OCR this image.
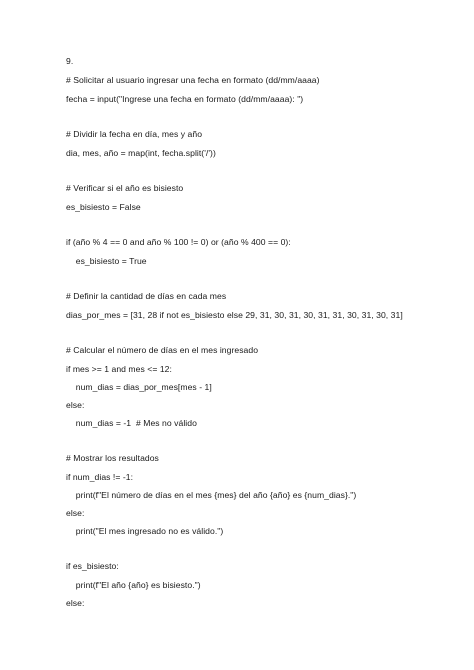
9.
# Solicitar al usuario ingresar una fecha en formato (dd/mm/aaaa)
fecha = input("Ingrese una fecha en formato (dd/mm/aaaa): ")
# Dividir la fecha en día, mes y año
dia, mes, año = map(int, fecha.split('/'))
# Verificar si el año es bisiesto
es_bisiesto = False
if (año % 4 == 0 and año % 100 != 0) or (año % 400 == 0):
es_bisiesto = True
# Definir la cantidad de días en cada mes
dias_por_mes = [31, 28 if not es_bisiesto else 29, 31, 30, 31, 30, 31, 31, 30, 31, 30, 31]
# Calcular el número de días en el mes ingresado
if mes >= 1 and mes <= 12:
num_dias = dias_por_mes[mes - 1]
else:
num_dias = -1  # Mes no válido
# Mostrar los resultados
if num_dias != -1:
print(f"El número de días en el mes {mes} del año {año} es {num_dias}.")
else:
print("El mes ingresado no es válido.")
if es_bisiesto:
print(f"El año {año} es bisiesto.")
else:
